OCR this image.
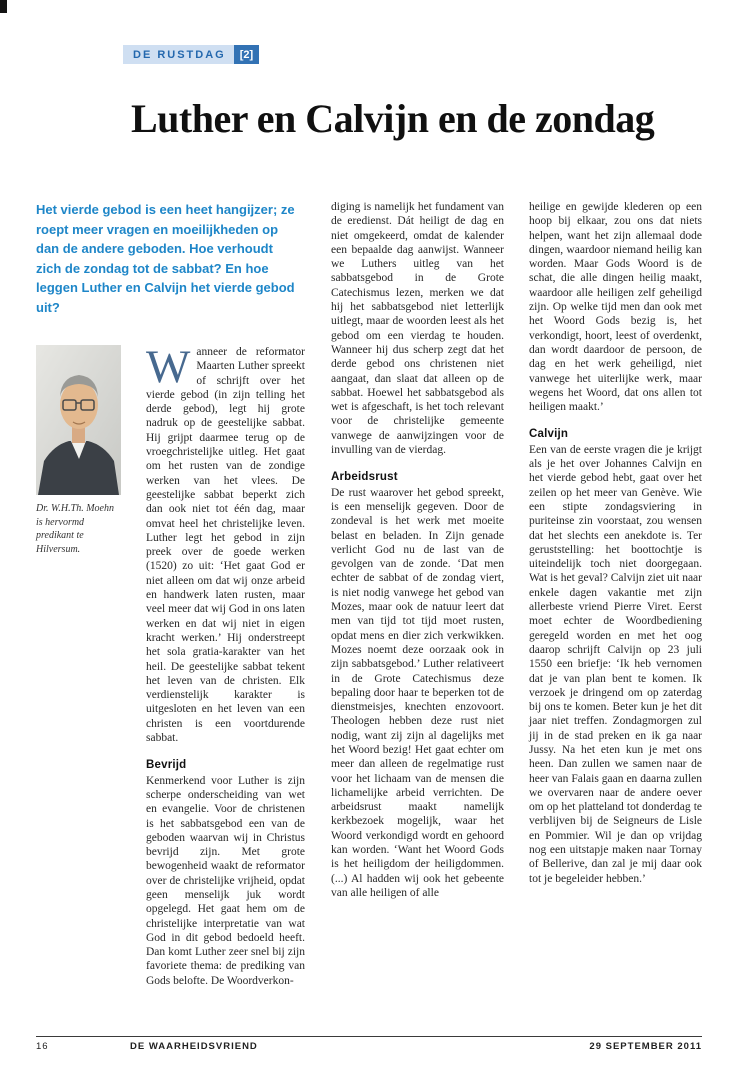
DE RUSTDAG	[2]
Luther en Calvijn en de zondag

Het vierde gebod is een heet hangijzer; ze roept meer vragen en moeilijkheden op dan de andere geboden. Hoe verhoudt zich de zondag tot de sabbat? En hoe leggen Luther en Calvijn het vierde gebod uit?

Dr. W.H.Th. Moehn is hervormd predikant te Hilversum.

Wanneer de reformator Maarten Luther spreekt of schrijft over het vierde gebod (in zijn telling het derde gebod), legt hij grote nadruk op de geestelijke sabbat. Hij grijpt daarmee terug op de vroegchristelijke uitleg. Het gaat om het rusten van de zondige werken van het vlees. De geestelijke sabbat beperkt zich dan ook niet tot één dag, maar omvat heel het christelijke leven. Luther legt het gebod in zijn preek over de goede werken (1520) zo uit: ‘Het gaat God er niet alleen om dat wij onze arbeid en handwerk laten rusten, maar veel meer dat wij God in ons laten werken en dat wij niet in eigen kracht werken.’ Hij onderstreept het sola gratia-karakter van het heil. De geestelijke sabbat tekent het leven van de christen. Elk verdienstelijk karakter is uitgesloten en het leven van een christen is een voortdurende sabbat.

Bevrijd

Kenmerkend voor Luther is zijn scherpe onderscheiding van wet en evangelie. Voor de christenen is het sabbatsgebod een van de geboden waarvan wij in Christus bevrijd zijn. Met grote bewogenheid waakt de reformator over de christelijke vrijheid, opdat geen menselijk juk wordt opgelegd. Het gaat hem om de christelijke interpretatie van wat God in dit gebod bedoeld heeft. Dan komt Luther zeer snel bij zijn favoriete thema: de prediking van Gods belofte. De Woordverkon-

diging is namelijk het fundament van de eredienst. Dát heiligt de dag en niet omgekeerd, omdat de kalender een bepaalde dag aanwijst. Wanneer we Luthers uitleg van het sabbatsgebod in de Grote Catechismus lezen, merken we dat hij het sabbatsgebod niet letterlijk uitlegt, maar de woorden leest als het gebod om een vierdag te houden. Wanneer hij dus scherp zegt dat het derde gebod ons christenen niet aangaat, dan slaat dat alleen op de sabbat. Hoewel het sabbatsgebod als wet is afgeschaft, is het toch relevant voor de christelijke gemeente vanwege de aanwijzingen voor de invulling van de vierdag.

Arbeidsrust

De rust waarover het gebod spreekt, is een menselijk gegeven. Door de zondeval is het werk met moeite belast en beladen. In Zijn genade verlicht God nu de last van de gevolgen van de zonde. ‘Dat men echter de sabbat of de zondag viert, is niet nodig vanwege het gebod van Mozes, maar ook de natuur leert dat men van tijd tot tijd moet rusten, opdat mens en dier zich verkwikken. Mozes noemt deze oorzaak ook in zijn sabbatsgebod.’ Luther relativeert in de Grote Catechismus deze bepaling door haar te beperken tot de dienstmeisjes, knechten enzovoort. Theologen hebben deze rust niet nodig, want zij zijn al dagelijks met het Woord bezig! Het gaat echter om meer dan alleen de regelmatige rust voor het lichaam van de mensen die lichamelijke arbeid verrichten. De arbeidsrust maakt namelijk kerkbezoek mogelijk, waar het Woord verkondigd wordt en gehoord kan worden. ‘Want het Woord Gods is het heiligdom der heiligdommen. (...) Al hadden wij ook het gebeente van alle heiligen of alle

heilige en gewijde klederen op een hoop bij elkaar, zou ons dat niets helpen, want het zijn allemaal dode dingen, waardoor niemand heilig kan worden. Maar Gods Woord is de schat, die alle dingen heilig maakt, waardoor alle heiligen zelf geheiligd zijn. Op welke tijd men dan ook met het Woord Gods bezig is, het verkondigt, hoort, leest of overdenkt, dan wordt daardoor de persoon, de dag en het werk geheiligd, niet vanwege het uiterlijke werk, maar wegens het Woord, dat ons allen tot heiligen maakt.’

Calvijn

Een van de eerste vragen die je krijgt als je het over Johannes Calvijn en het vierde gebod hebt, gaat over het zeilen op het meer van Genève. Wie een stipte zondagsviering in puriteinse zin voorstaat, zou wensen dat het slechts een anekdote is. Ter geruststelling: het boottochtje is uiteindelijk toch niet doorgegaan. Wat is het geval? Calvijn ziet uit naar enkele dagen vakantie met zijn allerbeste vriend Pierre Viret. Eerst moet echter de Woordbediening geregeld worden en met het oog daarop schrijft Calvijn op 23 juli 1550 een briefje: ‘Ik heb vernomen dat je van plan bent te komen. Ik verzoek je dringend om op zaterdag bij ons te komen. Beter kun je het dit jaar niet treffen. Zondagmorgen zul jij in de stad preken en ik ga naar Jussy. Na het eten kun je met ons heen. Dan zullen we samen naar de heer van Falais gaan en daarna zullen we overvaren naar de andere oever om op het platteland tot donderdag te verblijven bij de Seigneurs de Lisle en Pommier. Wil je dan op vrijdag nog een uitstapje maken naar Tornay of Bellerive, dan zal je mij daar ook tot je begeleider hebben.’

16	DE WAARHEIDSVRIEND	29 SEPTEMBER 2011
